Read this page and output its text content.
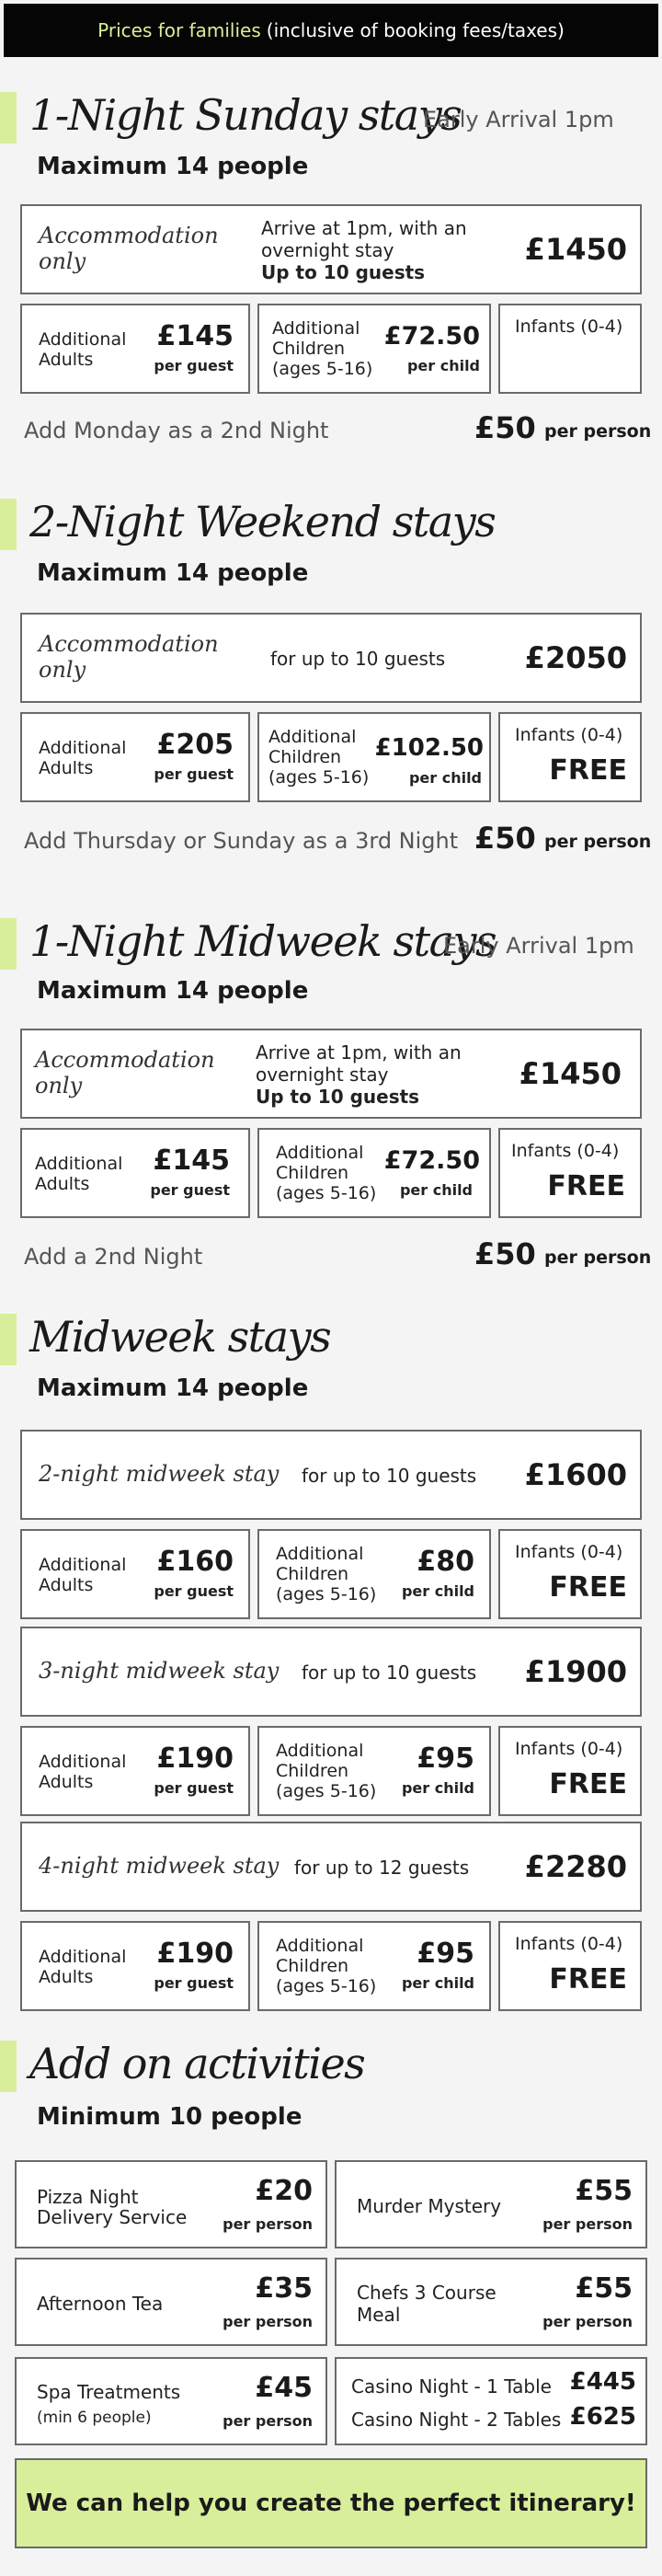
Prices for families (inclusive of booking fees/taxes)
1-Night Sunday stays
Early Arrival 1pm
Maximum 14 people
Accommodation
only
Arrive at 1pm, with an
overnight stay
Up to 10 guests
£1450
Additional
Adults
£145
per guest
Additional
Children
(ages 5-16)
£72.50
per child
Infants (0-4)
Add Monday as a 2nd Night	£50 per person
2-Night Weekend stays
Maximum 14 people
Accommodation
only	for up to 10 guests	£2050
Additional
Adults
£205
per guest
Additional
Children
(ages 5-16)
£102.50
per child
Infants (0-4)
FREE
Add Thursday or Sunday as a 3rd Night £50 per person
1-Night Midweek stays
Early Arrival 1pm
Maximum 14 people
Accommodation
only
Arrive at 1pm, with an
overnight stay
Up to 10 guests
£1450
Additional
Adults
£145
per guest
Additional
Children
(ages 5-16)
£72.50
per child
Infants (0-4)
FREE
Add a 2nd Night	£50 per person
Midweek stays
Maximum 14 people
2-night midweek stay for up to 10 guests £1600
Additional
Adults
£160
per guest
Additional
Children
(ages 5-16)
£80
per child
Infants (0-4)
FREE
3-night midweek stay for up to 10 guests £1900
Additional
Adults
£190
per guest
Additional
Children
(ages 5-16)
£95
per child
Infants (0-4)
FREE
4-night midweek stay for up to 12 guests £2280
Additional
Adults
£190
per guest
Additional
Children
(ages 5-16)
£95
per child
Infants (0-4)
FREE
Add on activities
Minimum 10 people
Pizza Night
Delivery Service
£20
per person
Murder Mystery	£55
per person
Afternoon Tea	£35
per person
Chefs 3 Course
Meal
£55
per person
Spa Treatments
(min 6 people)
£45
per person
Casino Night - 1 Table £445
Casino Night - 2 Tables £625
We can help you create the perfect itinerary!
